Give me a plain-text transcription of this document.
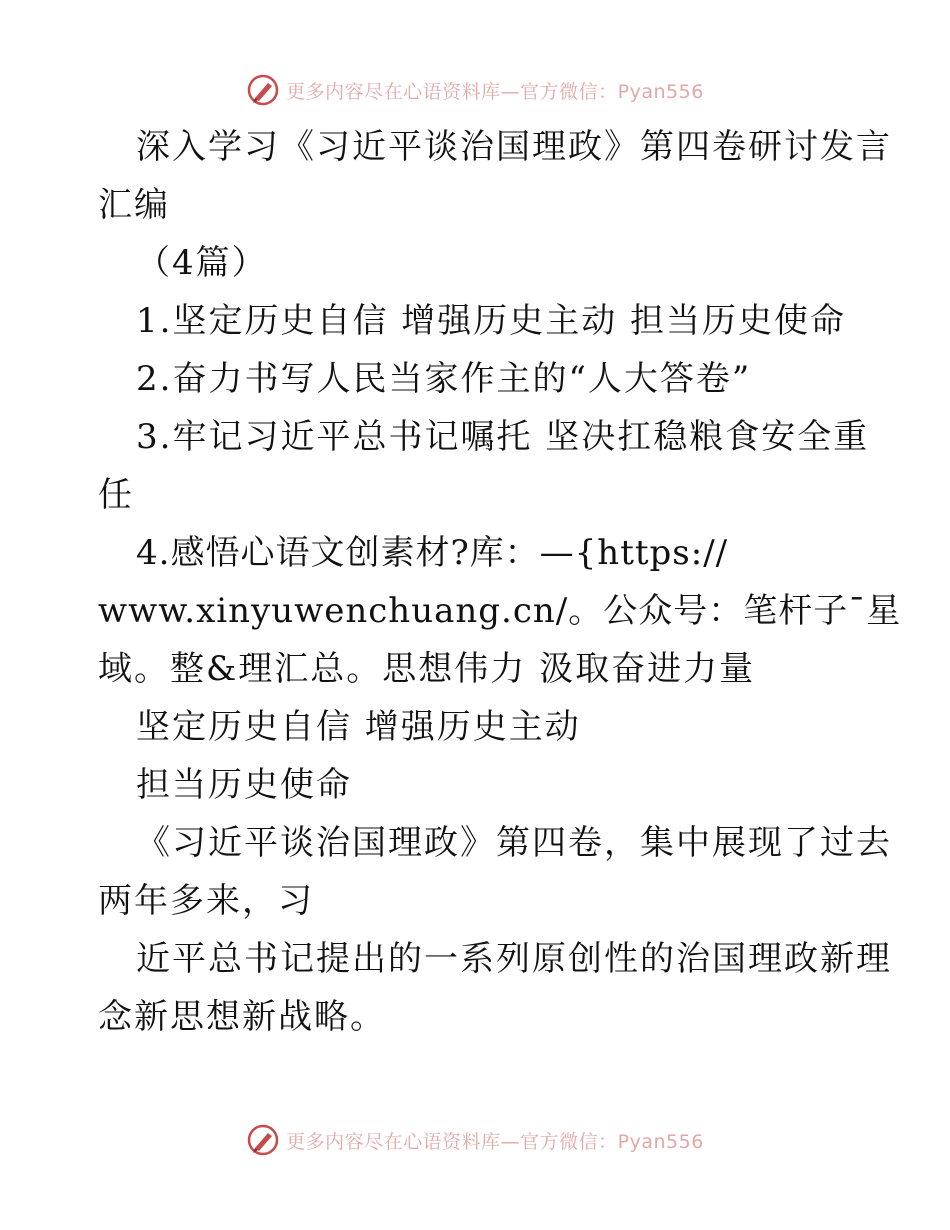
更多内容尽在心语资料库—官方微信：Pyan556
深入学习《习近平谈治国理政》第四卷研讨发言
汇编
（4篇）
1.坚定历史自信 增强历史主动 担当历史使命
2.奋力书写人民当家作主的“人大答卷”
3.牢记习近平总书记嘱托 坚决扛稳粮食安全重
任
4.感悟心语文创素材?库：—{https://
www.xinyuwenchuang.cn/。公众号：笔杆子¯星
域。整&理汇总。思想伟力 汲取奋进力量
坚定历史自信 增强历史主动
担当历史使命
《习近平谈治国理政》第四卷，集中展现了过去
两年多来，习
近平总书记提出的一系列原创性的治国理政新理
念新思想新战略。
更多内容尽在心语资料库—官方微信：Pyan556
